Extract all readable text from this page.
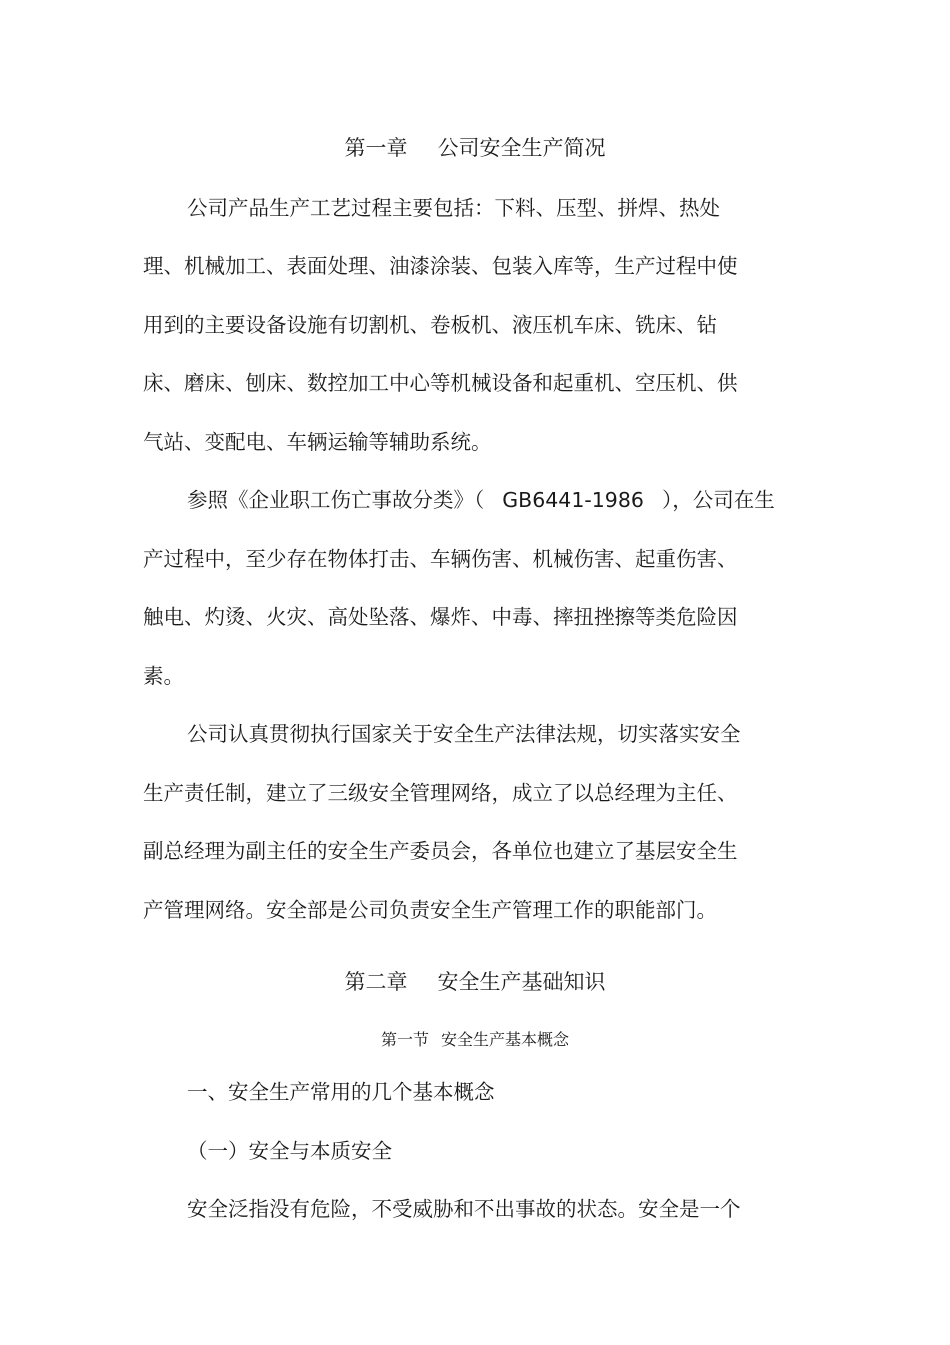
第一章 公司安全生产简况
公司产品生产工艺过程主要包括：下料、压型、拼焊、热处
理、机械加工、表面处理、油漆涂装、包装入库等，生产过程中使
用到的主要设备设施有切割机、卷板机、液压机车床、铣床、钻
床、磨床、刨床、数控加工中心等机械设备和起重机、空压机、供
气站、变配电、车辆运输等辅助系统。
参照《企业职工伤亡事故分类》（ GB6441-1986 ），公司在生
产过程中，至少存在物体打击、车辆伤害、机械伤害、起重伤害、
触电、灼烫、火灾、高处坠落、爆炸、中毒、摔扭挫擦等类危险因
素。
公司认真贯彻执行国家关于安全生产法律法规，切实落实安全
生产责任制，建立了三级安全管理网络，成立了以总经理为主任、
副总经理为副主任的安全生产委员会，各单位也建立了基层安全生
产管理网络。安全部是公司负责安全生产管理工作的职能部门。
第二章 安全生产基础知识
第一节 安全生产基本概念
一、安全生产常用的几个基本概念
（一）安全与本质安全
安全泛指没有危险，不受威胁和不出事故的状态。安全是一个
